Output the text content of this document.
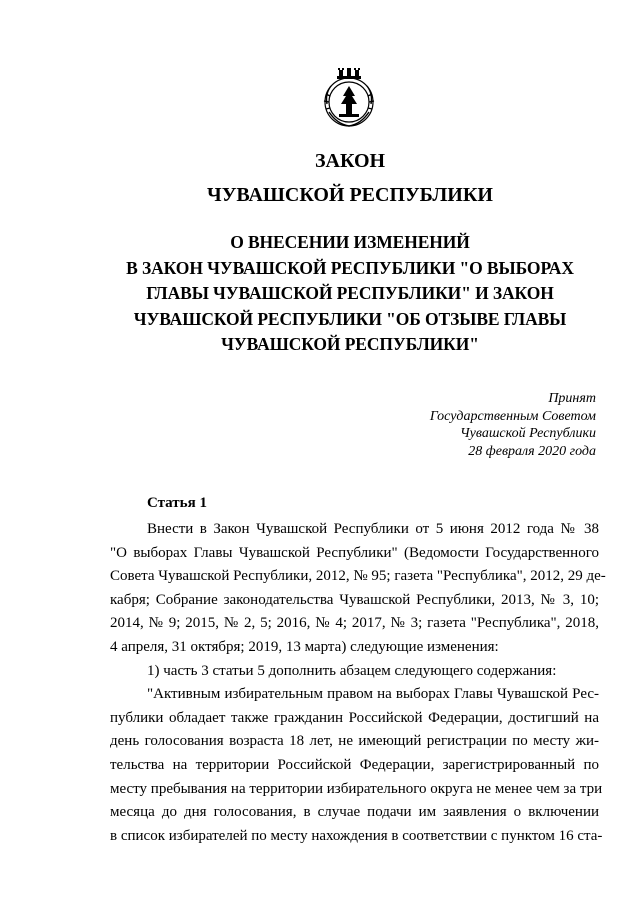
ЗАКОН
ЧУВАШСКОЙ РЕСПУБЛИКИ
О ВНЕСЕНИИ ИЗМЕНЕНИЙ
В ЗАКОН ЧУВАШСКОЙ РЕСПУБЛИКИ "О ВЫБОРАХ
ГЛАВЫ ЧУВАШСКОЙ РЕСПУБЛИКИ" И ЗАКОН
ЧУВАШСКОЙ РЕСПУБЛИКИ "ОБ ОТЗЫВЕ ГЛАВЫ
ЧУВАШСКОЙ РЕСПУБЛИКИ"
Принят
Государственным Советом
Чувашской Республики
28 февраля 2020 года
Статья 1
Внести в Закон Чувашской Республики от 5 июня 2012 года № 38
"О выборах Главы Чувашской Республики" (Ведомости Государственного
Совета Чувашской Республики, 2012, № 95; газета "Республика", 2012, 29 де-
кабря; Собрание законодательства Чувашской Республики, 2013, № 3, 10;
2014, № 9; 2015, № 2, 5; 2016, № 4; 2017, № 3; газета "Республика", 2018,
4 апреля, 31 октября; 2019, 13 марта) следующие изменения:
1) часть 3 статьи 5 дополнить абзацем следующего содержания:
"Активным избирательным правом на выборах Главы Чувашской Рес-
публики обладает также гражданин Российской Федерации, достигший на
день голосования возраста 18 лет, не имеющий регистрации по месту жи-
тельства на территории Российской Федерации, зарегистрированный по
месту пребывания на территории избирательного округа не менее чем за три
месяца до дня голосования, в случае подачи им заявления о включении
в список избирателей по месту нахождения в соответствии с пунктом 16 ста-
